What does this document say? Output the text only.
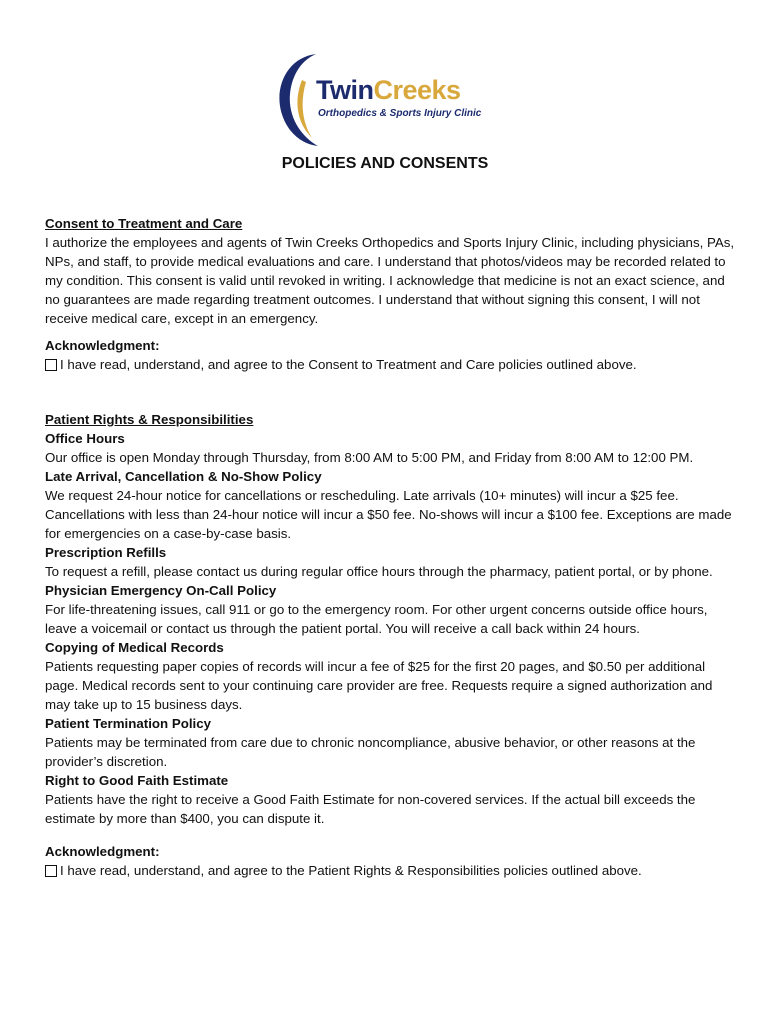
TwinCreeks
Orthopedics & Sports Injury Clinic
POLICIES AND CONSENTS
Consent to Treatment and Care

I authorize the employees and agents of Twin Creeks Orthopedics and Sports Injury Clinic, including physicians, PAs, NPs, and staff, to provide medical evaluations and care. I understand that photos/videos may be recorded related to my condition. This consent is valid until revoked in writing. I acknowledge that medicine is not an exact science, and no guarantees are made regarding treatment outcomes. I understand that without signing this consent, I will not receive medical care, except in an emergency.

Acknowledgment:
I have read, understand, and agree to the Consent to Treatment and Care policies outlined above.
Patient Rights & Responsibilities
Office Hours

Our office is open Monday through Thursday, from 8:00 AM to 5:00 PM, and Friday from 8:00 AM to 12:00 PM.

Late Arrival, Cancellation & No-Show Policy

We request 24-hour notice for cancellations or rescheduling. Late arrivals (10+ minutes) will incur a $25 fee. Cancellations with less than 24-hour notice will incur a $50 fee. No-shows will incur a $100 fee. Exceptions are made for emergencies on a case-by-case basis.

Prescription Refills

To request a refill, please contact us during regular office hours through the pharmacy, patient portal, or by phone.

Physician Emergency On-Call Policy

For life-threatening issues, call 911 or go to the emergency room. For other urgent concerns outside office hours, leave a voicemail or contact us through the patient portal. You will receive a call back within 24 hours.

Copying of Medical Records

Patients requesting paper copies of records will incur a fee of $25 for the first 20 pages, and $0.50 per additional page. Medical records sent to your continuing care provider are free. Requests require a signed authorization and may take up to 15 business days.

Patient Termination Policy

Patients may be terminated from care due to chronic noncompliance, abusive behavior, or other reasons at the provider’s discretion.

Right to Good Faith Estimate

Patients have the right to receive a Good Faith Estimate for non-covered services. If the actual bill exceeds the estimate by more than $400, you can dispute it.

Acknowledgment:
I have read, understand, and agree to the Patient Rights & Responsibilities policies outlined above.
